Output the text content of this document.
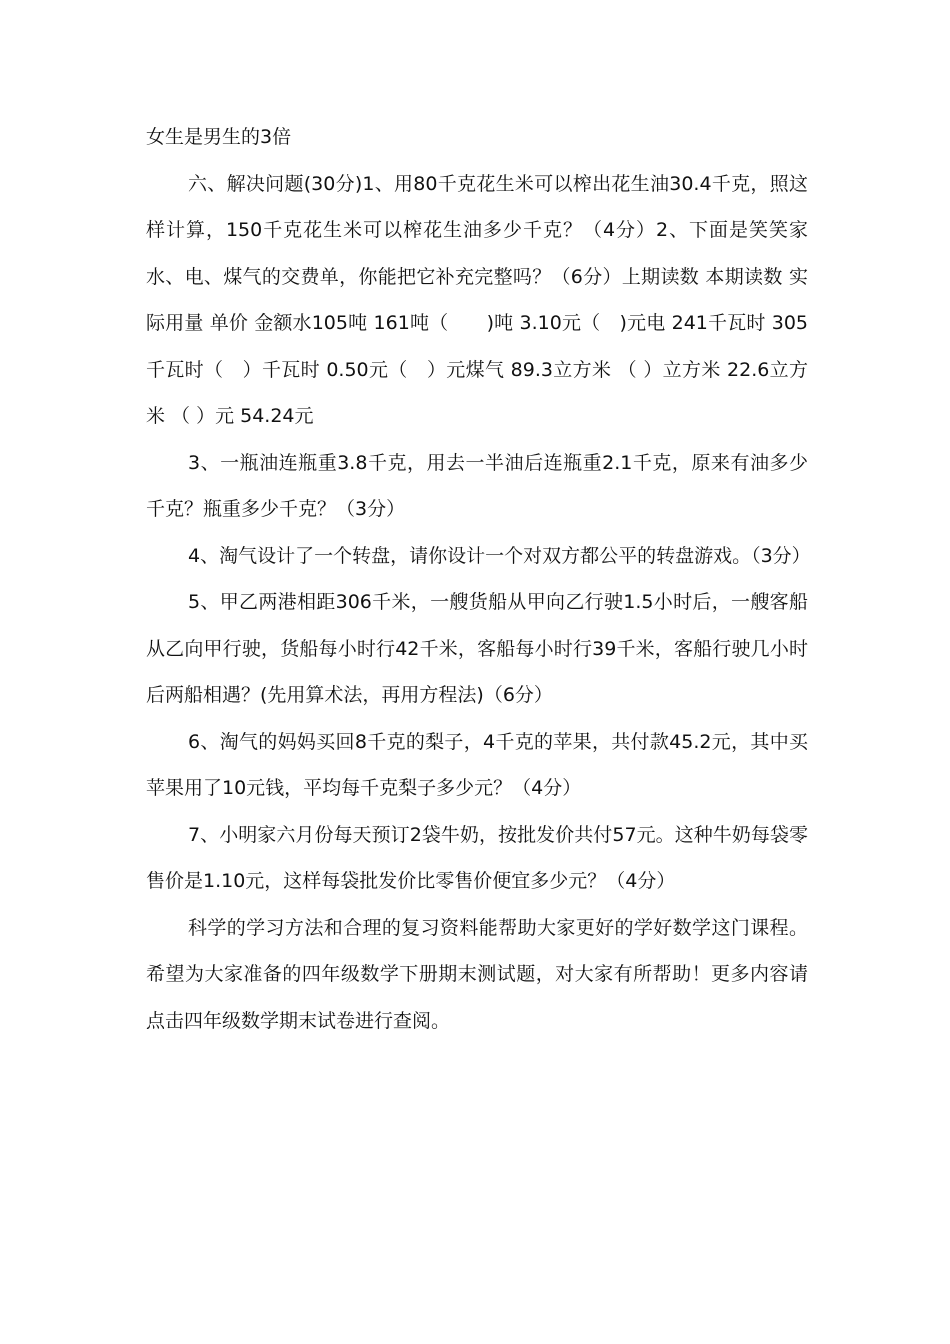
女生是男生的3倍

六、解决问题(30分)1、用80千克花生米可以榨出花生油30.4千克，照这样计算，150千克花生米可以榨花生油多少千克？（4分）2、下面是笑笑家水、电、煤气的交费单，你能把它补充完整吗？（6分）上期读数 本期读数 实际用量 单价 金额水105吨 161吨（　　)吨 3.10元（　)元电 241千瓦时 305千瓦时（　）千瓦时 0.50元（　）元煤气 89.3立方米 （ ）立方米 22.6立方米 （ ）元 54.24元

3、一瓶油连瓶重3.8千克，用去一半油后连瓶重2.1千克，原来有油多少千克？瓶重多少千克？（3分）

4、淘气设计了一个转盘，请你设计一个对双方都公平的转盘游戏。（3分）

5、甲乙两港相距306千米，一艘货船从甲向乙行驶1.5小时后，一艘客船从乙向甲行驶，货船每小时行42千米，客船每小时行39千米，客船行驶几小时后两船相遇？(先用算术法，再用方程法)（6分）

6、淘气的妈妈买回8千克的梨子，4千克的苹果，共付款45.2元，其中买　　　苹果用了10元钱，平均每千克梨子多少元？（4分）

7、小明家六月份每天预订2袋牛奶，按批发价共付57元。这种牛奶每袋零售价是1.10元，这样每袋批发价比零售价便宜多少元？（4分）

科学的学习方法和合理的复习资料能帮助大家更好的学好数学这门课程。希望为大家准备的四年级数学下册期末测试题，对大家有所帮助！更多内容请点击四年级数学期末试卷进行查阅。
